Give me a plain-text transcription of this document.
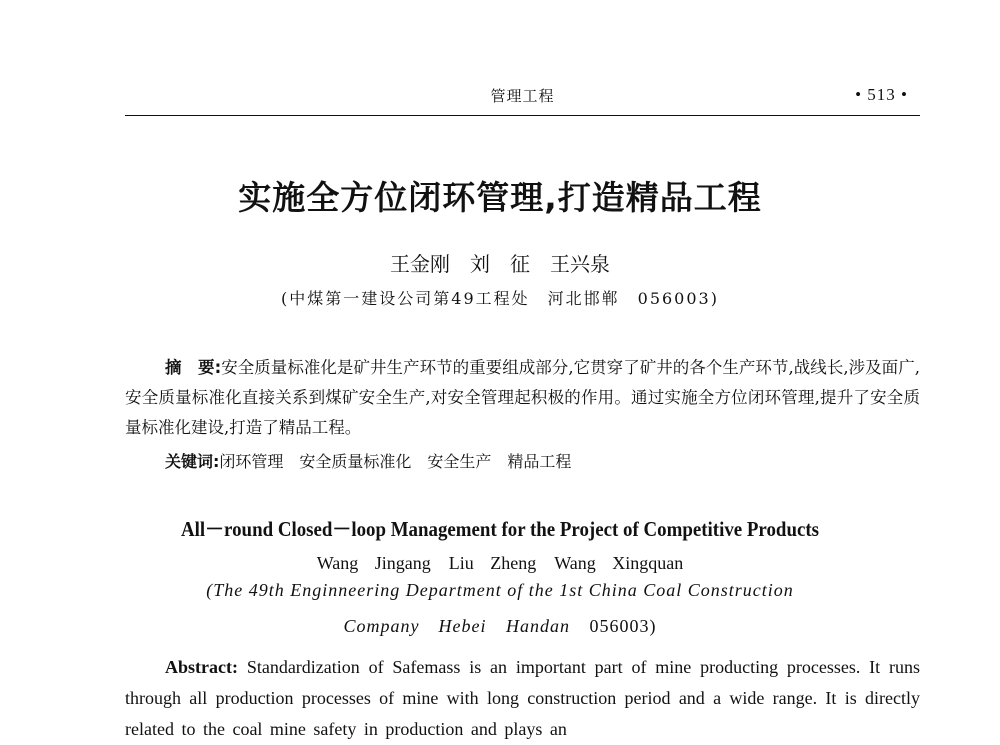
管理工程	• 513 •
实施全方位闭环管理,打造精品工程
王金刚　刘　征　王兴泉
(中煤第一建设公司第49工程处　河北邯郸　056003)
摘　要:安全质量标准化是矿井生产环节的重要组成部分,它贯穿了矿井的各个生产环节,战线长,涉及面广,安全质量标准化直接关系到煤矿安全生产,对安全管理起积极的作用。通过实施全方位闭环管理,提升了安全质量标准化建设,打造了精品工程。
关键词:闭环管理　安全质量标准化　安全生产　精品工程
All－round Closed－loop Management for the Project of Competitive Products
Wang Jingang　Liu Zheng　Wang Xingquan
(The 49th Enginneering Department of the 1st China Coal Construction
Company　Hebei Handan 056003)
Abstract: Standardization of Safemass is an important part of mine producting processes. It runs through all production processes of mine with long construction period and a wide range. It is directly related to the coal mine safety in production and plays an
